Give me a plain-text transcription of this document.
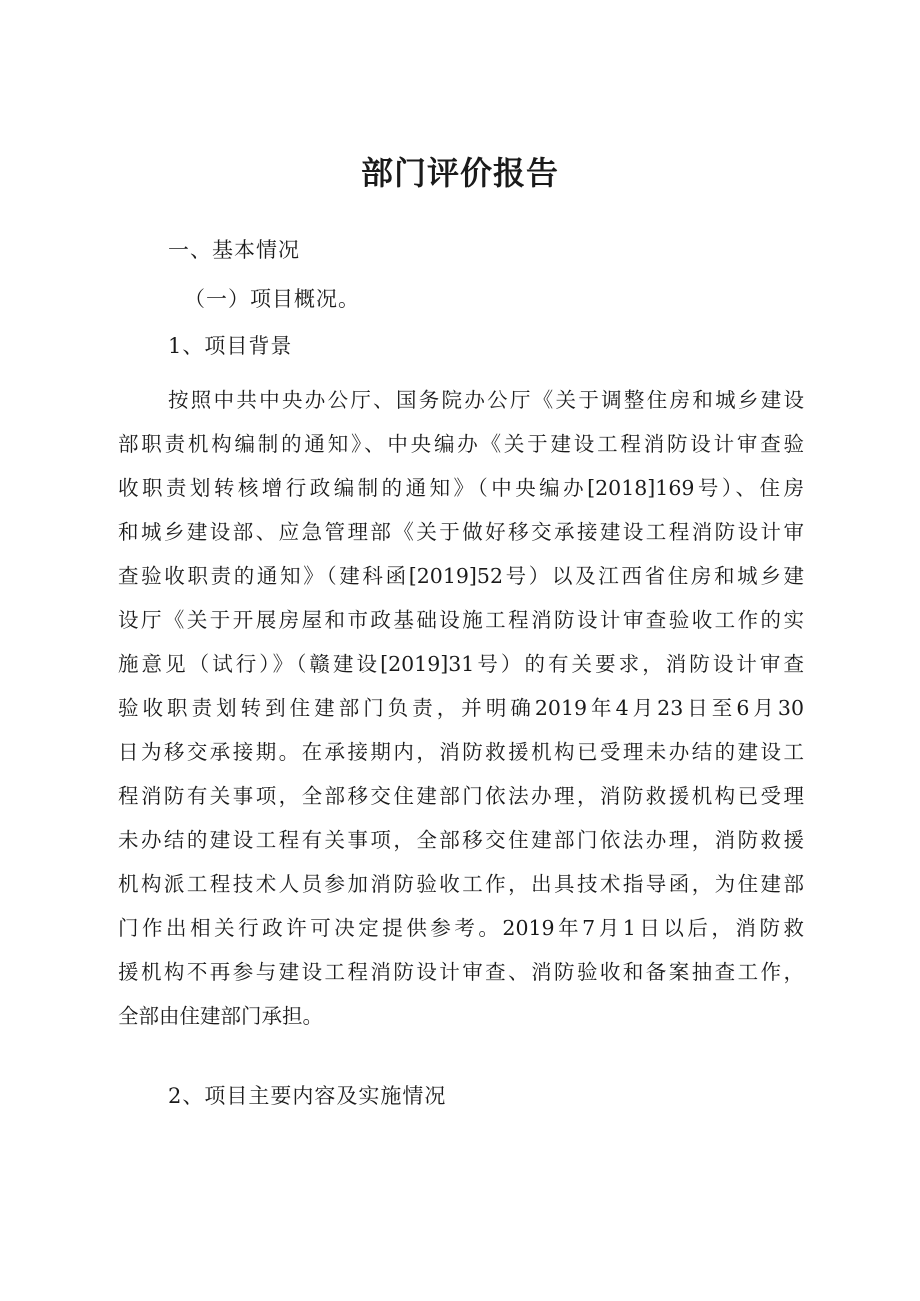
部门评价报告

一、基本情况

（一）项目概况。

1、项目背景

按照中共中央办公厅、国务院办公厅《关于调整住房和城乡建设
部职责机构编制的通知》、中央编办《关于建设工程消防设计审查验
收职责划转核增行政编制的通知》（中央编办[2018]169号）、住房
和城乡建设部、应急管理部《关于做好移交承接建设工程消防设计审
查验收职责的通知》（建科函[2019]52号）以及江西省住房和城乡建
设厅《关于开展房屋和市政基础设施工程消防设计审查验收工作的实
施意见（试行）》（赣建设[2019]31号）的有关要求，消防设计审查
验收职责划转到住建部门负责，并明确2019年4月23日至6月30
日为移交承接期。在承接期内，消防救援机构已受理未办结的建设工
程消防有关事项，全部移交住建部门依法办理，消防救援机构已受理
未办结的建设工程有关事项，全部移交住建部门依法办理，消防救援
机构派工程技术人员参加消防验收工作，出具技术指导函，为住建部
门作出相关行政许可决定提供参考。2019年7月1日以后，消防救
援机构不再参与建设工程消防设计审查、消防验收和备案抽查工作，
全部由住建部门承担。

2、项目主要内容及实施情况
